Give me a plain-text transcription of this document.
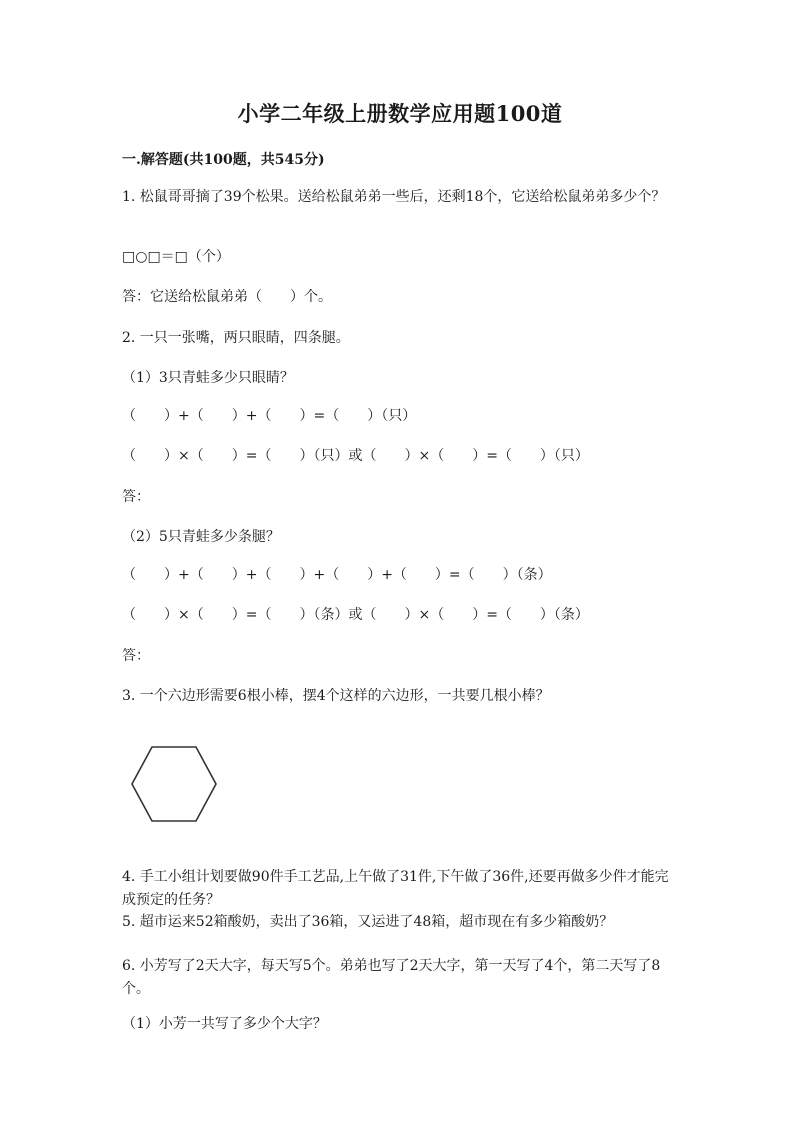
小学二年级上册数学应用题100道
一.解答题(共100题，共545分)
1. 松鼠哥哥摘了39个松果。送给松鼠弟弟一些后，还剩18个，它送给松鼠弟弟多少个？
□○□＝□（个）
答：它送给松鼠弟弟（　　）个。
2. 一只一张嘴，两只眼睛，四条腿。
（1）3只青蛙多少只眼睛？
（　　）+（　　）+（　　）=（　　）（只）
（　　）×（　　）=（　　）（只）或（　　）×（　　）=（　　）（只）
答：
（2）5只青蛙多少条腿？
（　　）+（　　）+（　　）+（　　）+（　　）=（　　）（条）
（　　）×（　　）=（　　）（条）或（　　）×（　　）=（　　）（条）
答：
3. 一个六边形需要6根小棒，摆4个这样的六边形，一共要几根小棒？
4. 手工小组计划要做90件手工艺品,上午做了31件,下午做了36件,还要再做多少件才能完成预定的任务？
5. 超市运来52箱酸奶，卖出了36箱，又运进了48箱，超市现在有多少箱酸奶？
6. 小芳写了2天大字，每天写5个。弟弟也写了2天大字，第一天写了4个，第二天写了8个。
（1）小芳一共写了多少个大字？
